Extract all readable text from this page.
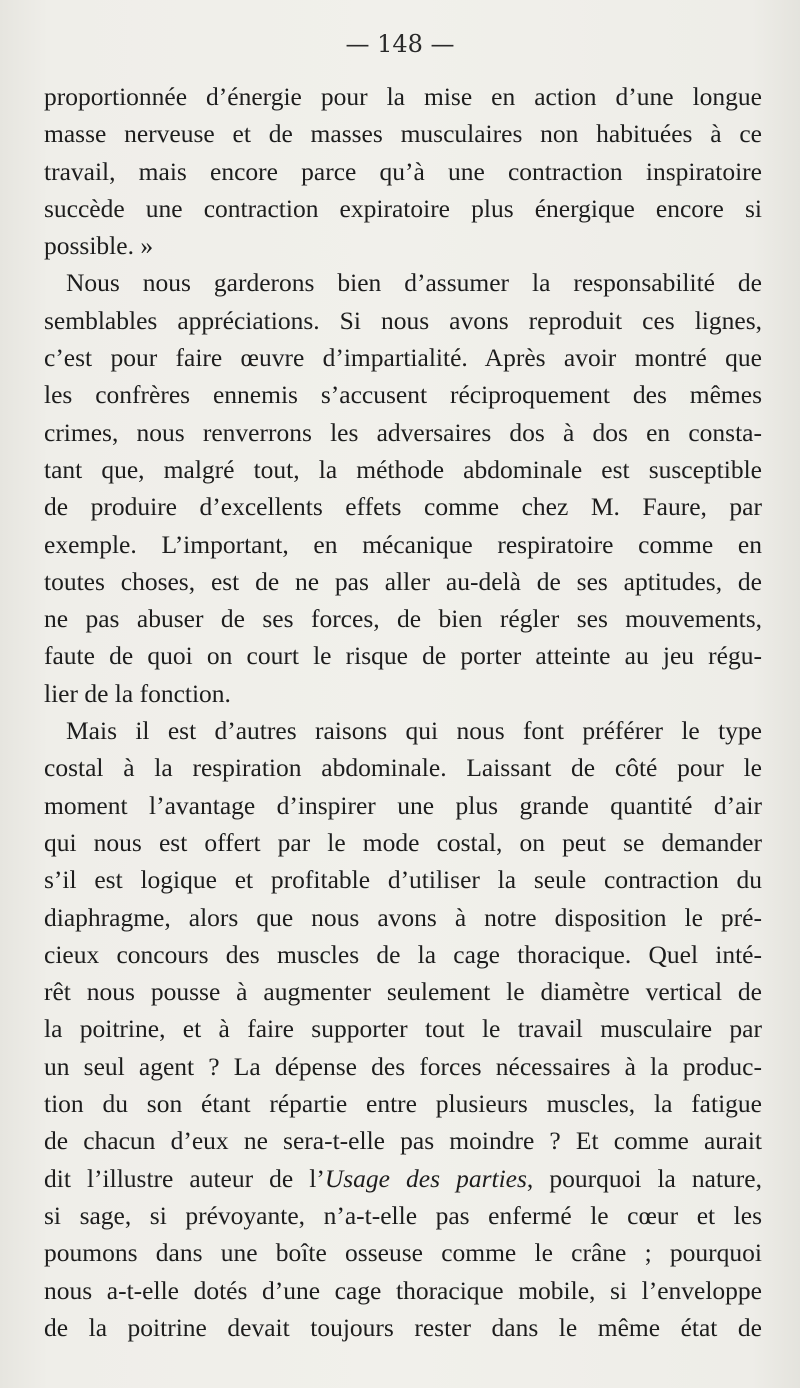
— 148 —
proportionnée d’énergie pour la mise en action d’une longue
masse nerveuse et de masses musculaires non habituées à ce
travail, mais encore parce qu’à une contraction inspiratoire
succède une contraction expiratoire plus énergique encore si
possible. »
Nous nous garderons bien d’assumer la responsabilité de
semblables appréciations. Si nous avons reproduit ces lignes,
c’est pour faire œuvre d’impartialité. Après avoir montré que
les confrères ennemis s’accusent réciproquement des mêmes
crimes, nous renverrons les adversaires dos à dos en consta-
tant que, malgré tout, la méthode abdominale est susceptible
de produire d’excellents effets comme chez M. Faure, par
exemple. L’important, en mécanique respiratoire comme en
toutes choses, est de ne pas aller au-delà de ses aptitudes, de
ne pas abuser de ses forces, de bien régler ses mouvements,
faute de quoi on court le risque de porter atteinte au jeu régu-
lier de la fonction.
Mais il est d’autres raisons qui nous font préférer le type
costal à la respiration abdominale. Laissant de côté pour le
moment l’avantage d’inspirer une plus grande quantité d’air
qui nous est offert par le mode costal, on peut se demander
s’il est logique et profitable d’utiliser la seule contraction du
diaphragme, alors que nous avons à notre disposition le pré-
cieux concours des muscles de la cage thoracique. Quel inté-
rêt nous pousse à augmenter seulement le diamètre vertical de
la poitrine, et à faire supporter tout le travail musculaire par
un seul agent ? La dépense des forces nécessaires à la produc-
tion du son étant répartie entre plusieurs muscles, la fatigue
de chacun d’eux ne sera-t-elle pas moindre ? Et comme aurait
dit l’illustre auteur de l’Usage des parties, pourquoi la nature,
si sage, si prévoyante, n’a-t-elle pas enfermé le cœur et les
poumons dans une boîte osseuse comme le crâne ; pourquoi
nous a-t-elle dotés d’une cage thoracique mobile, si l’enveloppe
de la poitrine devait toujours rester dans le même état de
